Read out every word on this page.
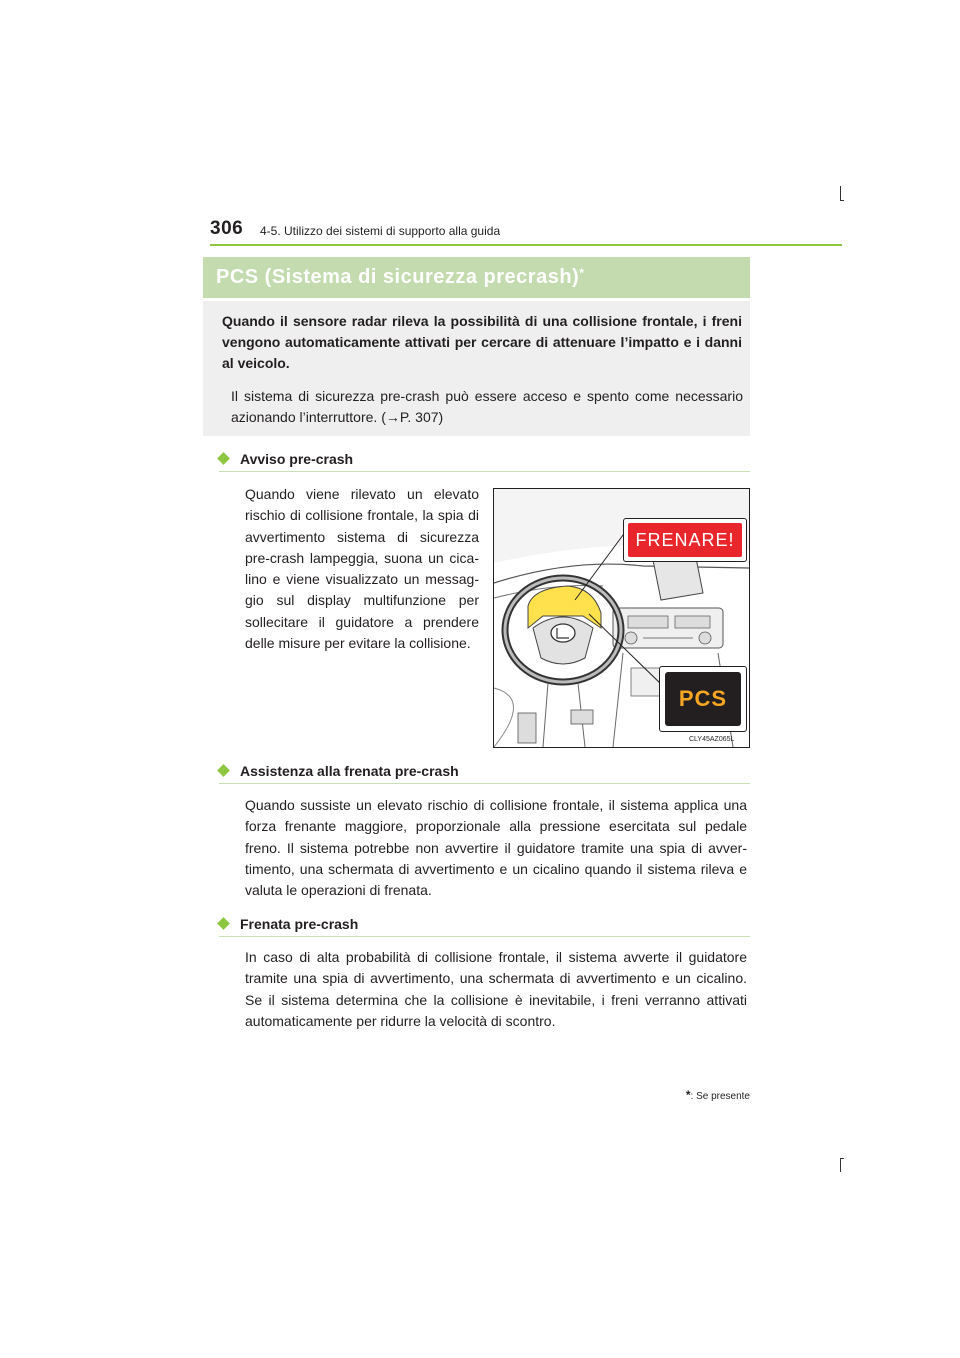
306 4-5. Utilizzo dei sistemi di supporto alla guida
PCS (Sistema di sicurezza precrash)*
Quando il sensore radar rileva la possibilità di una collisione frontale, i freni vengono automaticamente attivati per cercare di attenuare l’impatto e i danni al veicolo.
Il sistema di sicurezza pre-crash può essere acceso e spento come necessario azionando l’interruttore. (→P. 307)
Avviso pre-crash
Quando viene rilevato un elevato rischio di collisione frontale, la spia di avvertimento sistema di sicurezza pre-crash lampeggia, suona un cica-lino e viene visualizzato un messag-gio sul display multifunzione per sollecitare il guidatore a prendere delle misure per evitare la collisione.
FRENARE!
PCS
CLY45AZ065L
Assistenza alla frenata pre-crash
Quando sussiste un elevato rischio di collisione frontale, il sistema applica una forza frenante maggiore, proporzionale alla pressione esercitata sul pedale freno. Il sistema potrebbe non avvertire il guidatore tramite una spia di avver-timento, una schermata di avvertimento e un cicalino quando il sistema rileva e valuta le operazioni di frenata.
Frenata pre-crash
In caso di alta probabilità di collisione frontale, il sistema avverte il guidatore tramite una spia di avvertimento, una schermata di avvertimento e un cicalino. Se il sistema determina che la collisione è inevitabile, i freni verranno attivati automaticamente per ridurre la velocità di scontro.
*: Se presente
